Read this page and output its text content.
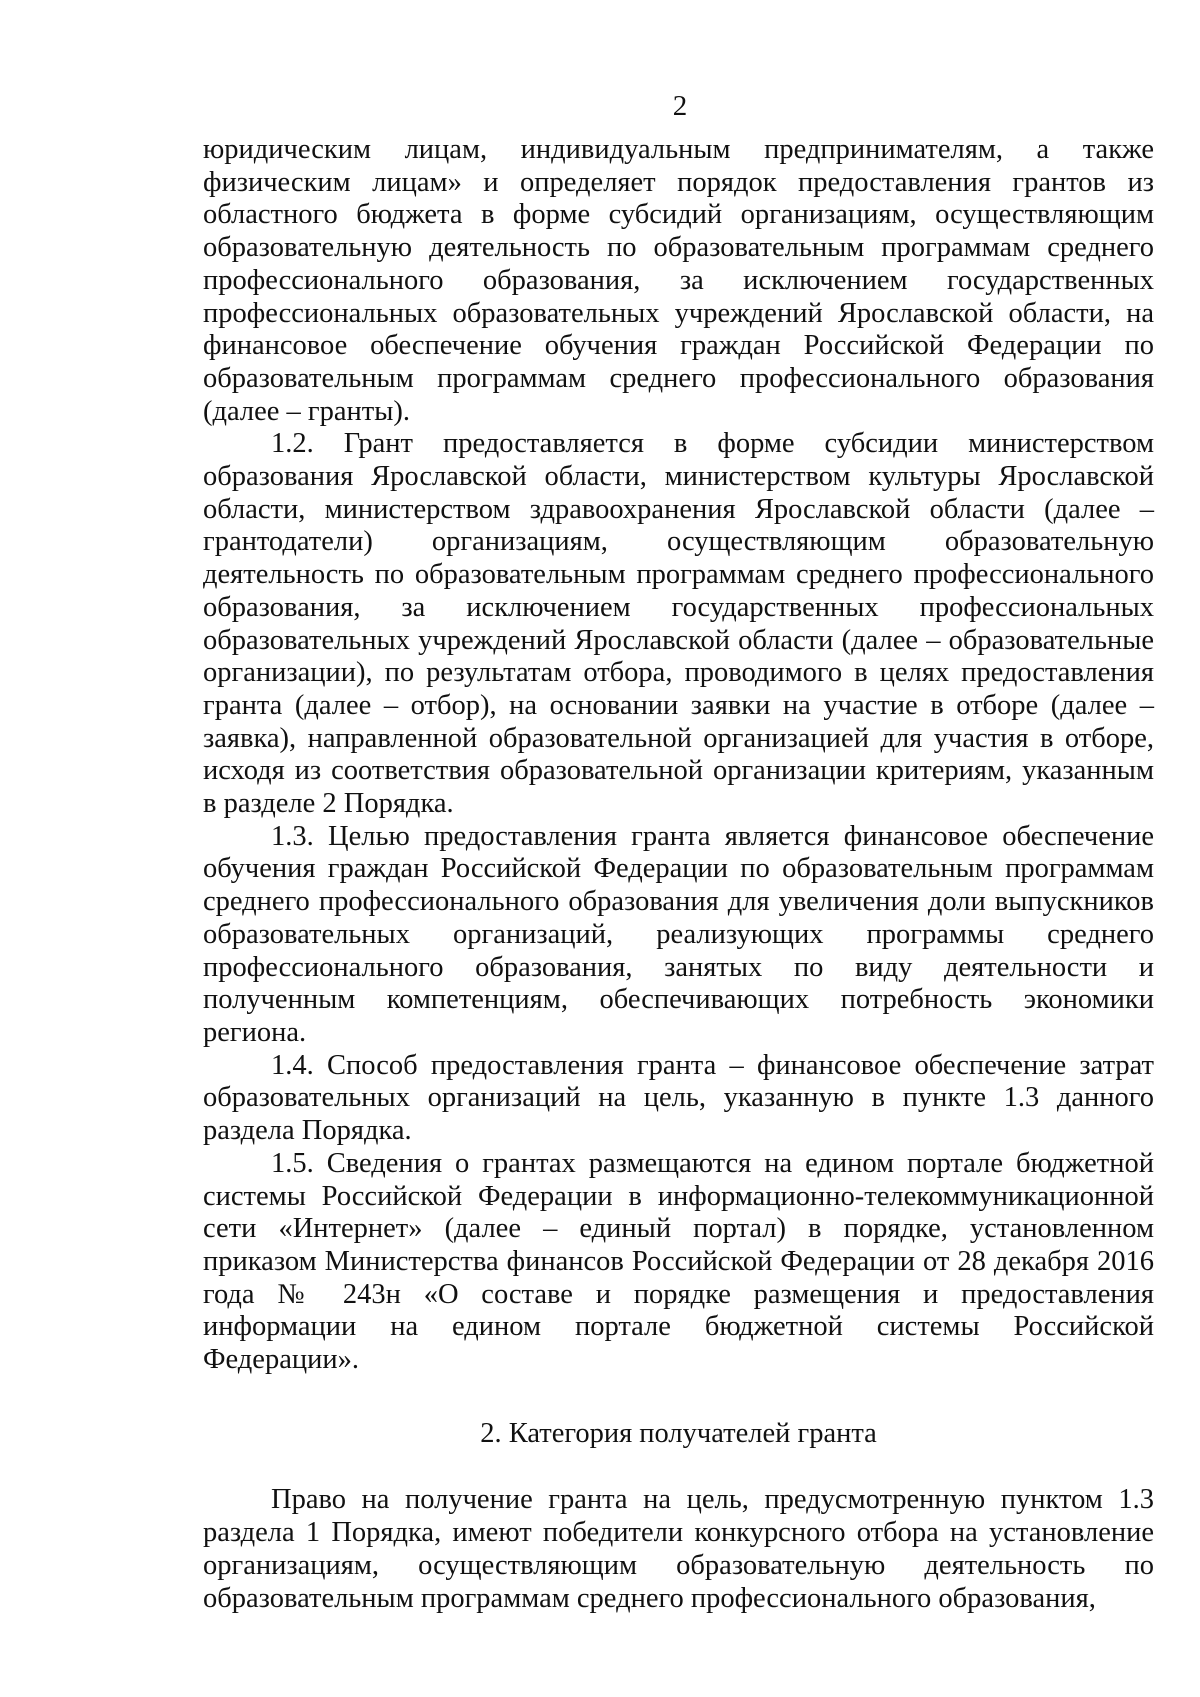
2

юридическим лицам, индивидуальным предпринимателям, а также физическим лицам» и определяет порядок предоставления грантов из областного бюджета в форме субсидий организациям, осуществляющим образовательную деятельность по образовательным программам среднего профессионального образования, за исключением государственных профессиональных образовательных учреждений Ярославской области, на финансовое обеспечение обучения граждан Российской Федерации по образовательным программам среднего профессионального образования (далее – гранты).

1.2. Грант предоставляется в форме субсидии министерством образования Ярославской области, министерством культуры Ярославской области, министерством здравоохранения Ярославской области (далее – грантодатели) организациям, осуществляющим образовательную деятельность по образовательным программам среднего профессионального образования, за исключением государственных профессиональных образовательных учреждений Ярославской области (далее – образовательные организации), по результатам отбора, проводимого в целях предоставления гранта (далее – отбор), на основании заявки на участие в отборе (далее – заявка), направленной образовательной организацией для участия в отборе, исходя из соответствия образовательной организации критериям, указанным в разделе 2 Порядка.

1.3. Целью предоставления гранта является финансовое обеспечение обучения граждан Российской Федерации по образовательным программам среднего профессионального образования для увеличения доли выпускников образовательных организаций, реализующих программы среднего профессионального образования, занятых по виду деятельности и полученным компетенциям, обеспечивающих потребность экономики региона.

1.4. Способ предоставления гранта – финансовое обеспечение затрат образовательных организаций на цель, указанную в пункте 1.3 данного раздела Порядка.

1.5. Сведения о грантах размещаются на едином портале бюджетной системы Российской Федерации в информационно-телекоммуникационной сети «Интернет» (далее – единый портал) в порядке, установленном приказом Министерства финансов Российской Федерации от 28 декабря 2016 года № 243н «О составе и порядке размещения и предоставления информации на едином портале бюджетной системы Российской Федерации».

2. Категория получателей гранта

Право на получение гранта на цель, предусмотренную пунктом 1.3 раздела 1 Порядка, имеют победители конкурсного отбора на установление организациям, осуществляющим образовательную деятельность по образовательным программам среднего профессионального образования,
